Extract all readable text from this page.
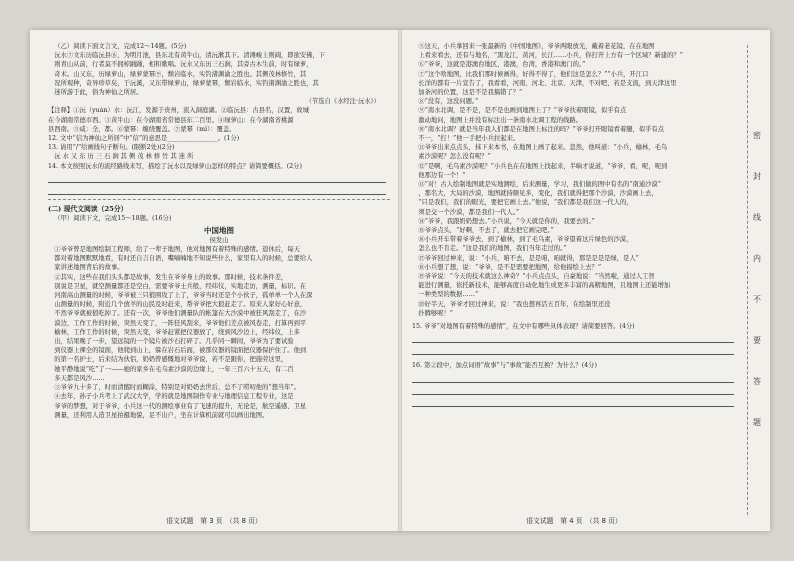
（乙）阅读下面文言文，完成12～14题。(5分)

沅水⑦文东历临沅县⑧，为明月池，县东北有黄牛山，清沅漱其下。清滩峻上则阔，即欲安佛，下

则青山从前，行者莫不拥棹踊踊，相和歌唱。沅水又东历三石涧，其旁古木生前，时有绿萝，

奇术。山又东，历绿萝山，绿萝蒙幂⑨，颓岩临水，实钓渚渊渝之胜也。其侧茂林修竹，其

况所观种，奇异珍草矣，于沅溪，又东带绿萝山，绿萝蒙幂，颓岩临水，实钓渚渊渝之胜也，其

迷所游于此，俗为神仙之所居。

（节选自《水经注·沅水》）

【注释】①沅（yuán）水：沅江，发源于贵州，流入洞庭湖。②临沅县：古县名，汉置，故城

在今湖南常德市西。③黄牛山：在今湖南省常德县东二百里。④绿萝山：在今湖南省桃源

县西南。⑤咸：全，都。⑥蒙幂：缠绕覆盖。⑦蒙幂（mì）：覆盖。

12. 文中“信为神仙之所居”中“信”的意思是________________。(1分)

13. 请用“/”给画线句子断句。(限断2处)(2分)

沅 水 又 东 历 三 石 涧 其 侧 茂 林 修 竹 其 迷 所

14. 本文按照沅水的流经路线来写，描绘了沅水以及绿萝山怎样的特点？请简要概括。(2分)

(二) 现代文阅读（25分）

（甲）阅读下文，完成15～18题。(16分)

中国地图

侯发山

①爷爷曾是地图绘制工程师，给了一辈子地图，他对地图有着特殊的感情。退休后，每天

都对着地图默默地看，有时还自言自语，嘴喃喃地不知说些什么，家里有人的时候，总要给人

家讲述地图背后的故事。

②其实，这些在我们头头都是故事，发生在爷爷身上的故事。那时候，技术条件差，

别说是卫星，就空测量都还是空白，需要爷爷士兵般，经纬仪，实地走访，测量，标识。在

河南高山测量的时候，爷爷被三只狼围攻了上了，爷爷当时还是个小伙子，孤单单一个人在深

山测量的时候，附近几个放羊的山民及时赶来，帮爷爷把大狼赶走了。原来人家好心好意，

不然爷爷就被狼吃掉了。还有一次，爷爷他们测量队的帐篷在大沙漠中被狂风刮走了，在沙

漠边，工作工作的时候，突然天变了，一阵狂风刮来，爷爷他们差点被风卷走，打算再到平

榆林，工作工作的时候，突然天变，爷爷赶紧把仪器放了，绕到风沙边上，经纬仪，上多

出，结果晚了一步，望远镜的一个镜片被沙石打碎了。几乎同一瞬间，爷爷为了要试验

到仪器上裸全的镜面，他爬到山上，躲在岩石后面，被那仪器的镜面把仪器保护住了。他到

的第一名护士，后来结为伙侣，奶奶曾感慨地对爷爷说，若不是跟你，把施劳这里，

她平静地说“吃”了一——她的家乡在毛乌素沙漠的边缘上，一年三百六十五天，有二百

多天都是风沙……

③爷爷九十多了，时而清醒时而糊涂，特别是对奶奶去世后，总不了唠叨他的“想当年”。

④去年，孙子小兵考上了武汉大学，学的就是地图制作专业与地理信息工程专业，这是

爷爷的梦想，对于爷爷，小兵这一代的测绘事业有了飞速的提升，无论是，航空遥感、卫星

测量，还利用人造卫星拍摄地貌，足不出户，坐在计算机前就可以画出地图。

语文试题　第 3 页　（共 8 页）

⑤这天，小兵拿回来一张最新的《中国地图》，爷爷两眼放光，戴着老花镜，在在地图

上看来看去，还有与地名，“黑龙江，黄河，长江……小兵，你打开上方有一个区域？新建的？”

⑥“爷爷，这就是港澳台地区，港澳，台湾，香港和澳门的。”

⑦“这个啥地图，比我们那时候画得，好得不得了，他们这是怎么？”“小兵，开江口

长洋的都有一片宣告了，我看看，河南、河北、北京、天津，不对吧，若是支流，到天津这里

加条河的位置，这是不是我搞错了？”

⑧“没有，这没问题。”

⑨“南水北调，是不是，是不是也画到地图上了？”爷爷扶着眼镜，似乎有点

激动地问，地图上并没有标注出一条南水北调工程的线路。

⑩“南水北调？就是当年我人们都是在地图上标注的吗？”爷爷打开眼镜看着腿，似乎有点

不一，“打！”他一手把小兵拉起来。

⑪爷爷出来点点头，抹下来本书，在地图上画了起来。忽然，他叫道：“小兵，榆林，毛乌

素沙漠呢？怎么没有呢？”

⑫“是啊，毛乌素沙漠呢？”小兵也在在地图上找起来，半晌才说道，“爷爷，看，呢，呢到

他那边有一个！”

⑬“对！古人绘制地图就是实地测绘，后来测量，学习，我们做的图中有名的“南通沙漠”

，那名大，大局的沙漠，地图就持颇见多，变化，我们就得把那个沙漠，沙漠画上去，

“只是我们，我们的眼光，要把它画上去。”他说，“我们都是我们这一代人的，

须是交一个沙漠，都是我们一代人。”

⑭“爷爷，我跟奶奶想去。”小兵说，“今天就是你的，我要去的。”

⑮爷爷点头，“好啊，不去了，就去把它画完吧。”

⑯小兵开车带着爷爷去，到了榆林，到了毛乌素，爷爷望着这片绿色的沙漠，

怎么也不肯走。“这是我们的地图，我们当年走过的。”

⑰爷爷回过神来，说：“小兵，咱不去，是是咱，咱就得，那是是是是绿，是人”

⑱小兵想了想，说：“爷爷，是不是需要把地图，给他描绘上去？”

⑲爷爷说：“今天的技术就这么神奇？”小兵点点头，自豪地说：“当然啦，通过人工智

能进行测量，依托新技术，能够高度自动化地生成更多丰富的高精地图，且地图上还能增加

一种类型的数据……”

⑳好半天，爷爷才回过神来，说：“我也想再活五百年，在绘制里还没

扑腾够呢！”

15. 爷爷“对地图有着特殊的感情”，在文中有哪些具体表现？请简要回答。(4分)

16. 第②段中，加点词语“故事”与“事故”能否互换？为什么？(4分)

密
封
线
内
不
要
答
题
语文试题　第 4 页　（共 8 页）
